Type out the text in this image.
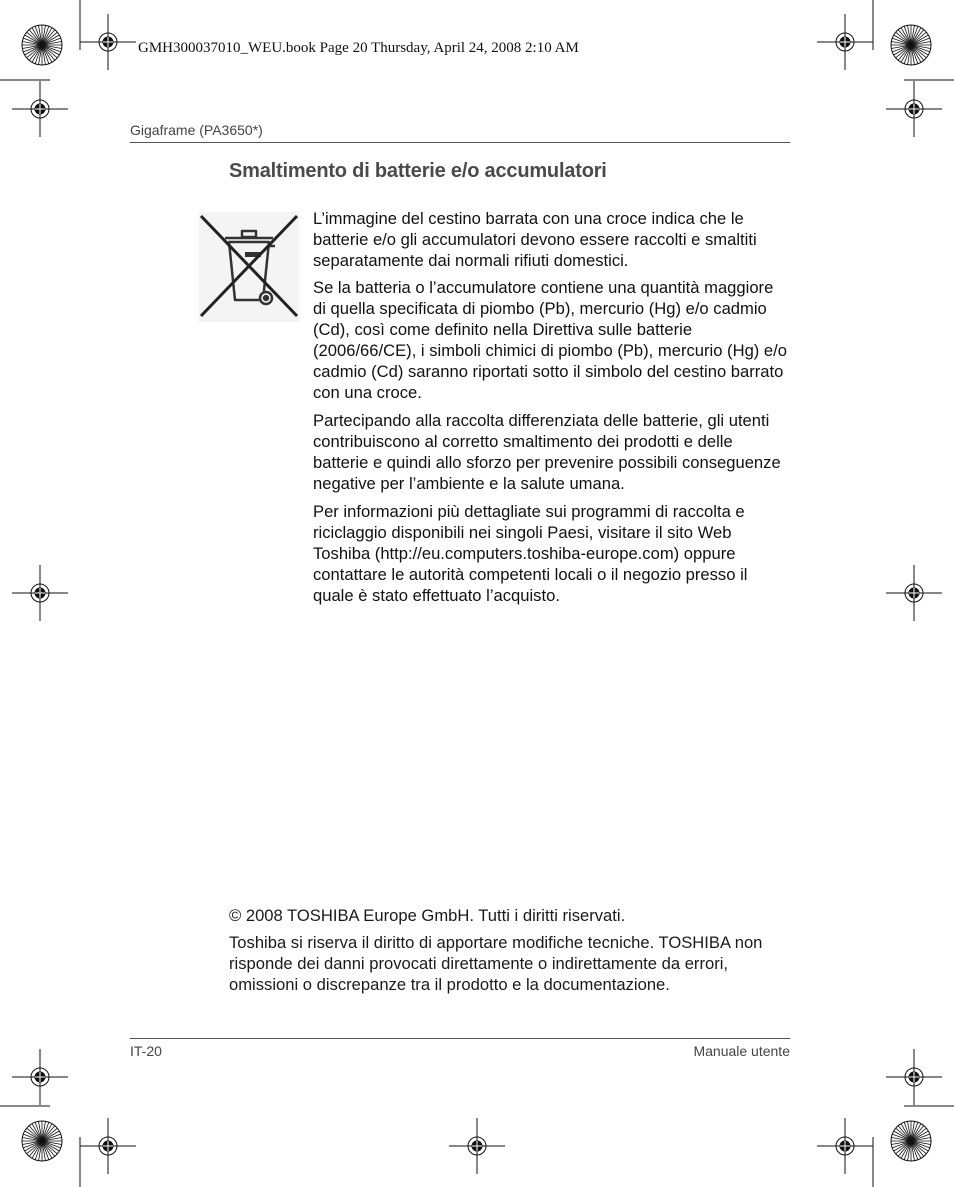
GMH300037010_WEU.book Page 20 Thursday, April 24, 2008 2:10 AM
Gigaframe (PA3650*)
Smaltimento di batterie e/o accumulatori
L’immagine del cestino barrata con una croce indica che le batterie e/o gli accumulatori devono essere raccolti e smaltiti separatamente dai normali rifiuti domestici.
Se la batteria o l’accumulatore contiene una quantità maggiore di quella specificata di piombo (Pb), mercurio (Hg) e/o cadmio (Cd), così come definito nella Direttiva sulle batterie (2006/66/CE), i simboli chimici di piombo (Pb), mercurio (Hg) e/o cadmio (Cd) saranno riportati sotto il simbolo del cestino barrato con una croce.
Partecipando alla raccolta differenziata delle batterie, gli utenti contribuiscono al corretto smaltimento dei prodotti e delle batterie e quindi allo sforzo per prevenire possibili conseguenze negative per l’ambiente e la salute umana.
Per informazioni più dettagliate sui programmi di raccolta e riciclaggio disponibili nei singoli Paesi, visitare il sito Web Toshiba (http://eu.computers.toshiba-europe.com) oppure contattare le autorità competenti locali o il negozio presso il quale è stato effettuato l’acquisto.
© 2008 TOSHIBA Europe GmbH. Tutti i diritti riservati.
Toshiba si riserva il diritto di apportare modifiche tecniche. TOSHIBA non risponde dei danni provocati direttamente o indirettamente da errori, omissioni o discrepanze tra il prodotto e la documentazione.
IT-20	Manuale utente
